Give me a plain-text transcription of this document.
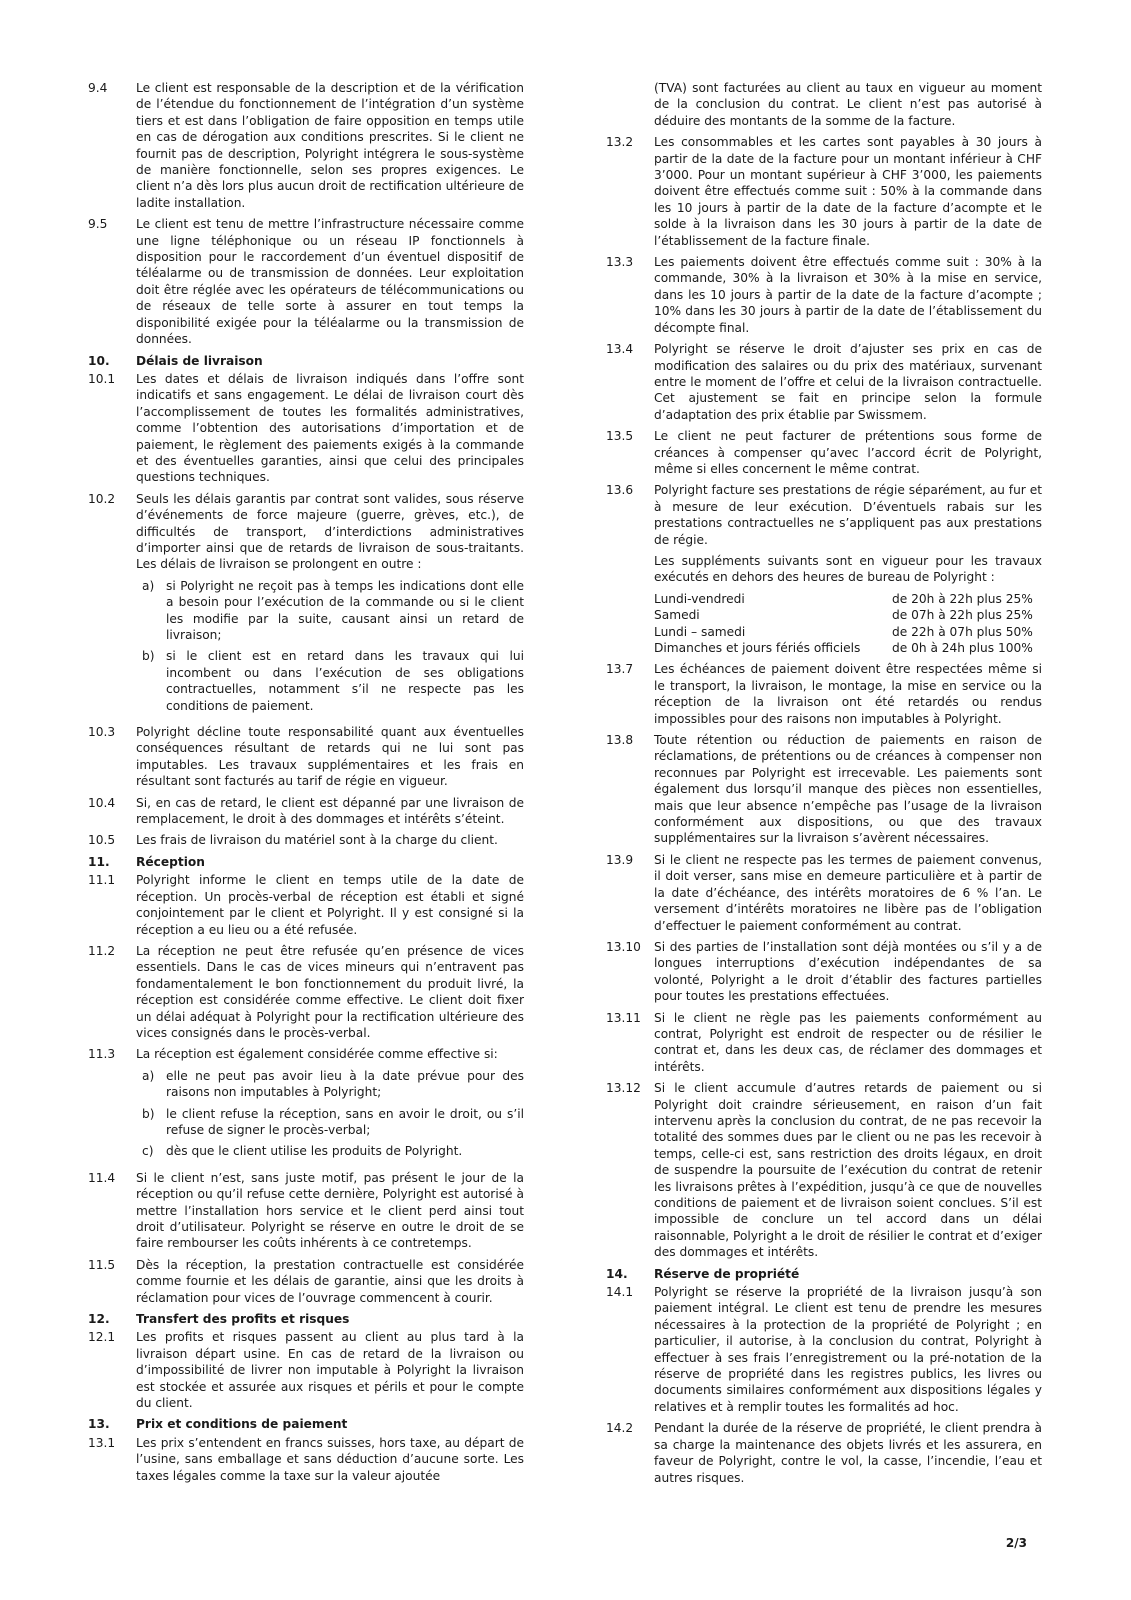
9.4	Le client est responsable de la description et de la vérification de l’étendue du fonctionnement de l’intégration d’un système tiers et est dans l’obligation de faire opposition en temps utile en cas de dérogation aux conditions prescrites. Si le client ne fournit pas de description, Polyright intégrera le sous-système de manière fonctionnelle, selon ses propres exigences. Le client n’a dès lors plus aucun droit de rectification ultérieure de ladite installation.

9.5	Le client est tenu de mettre l’infrastructure nécessaire comme une ligne téléphonique ou un réseau IP fonctionnels à disposition pour le raccordement d’un éventuel dispositif de téléalarme ou de transmission de données. Leur exploitation doit être réglée avec les opérateurs de télécommunications ou de réseaux de telle sorte à assurer en tout temps la disponibilité exigée pour la téléalarme ou la transmission de données.

10.	Délais de livraison
10.1	Les dates et délais de livraison indiqués dans l’offre sont indicatifs et sans engagement. Le délai de livraison court dès l’accomplissement de toutes les formalités administratives, comme l’obtention des autorisations d’importation et de paiement, le règlement des paiements exigés à la commande et des éventuelles garanties, ainsi que celui des principales questions techniques.

10.2	Seuls les délais garantis par contrat sont valides, sous réserve d’événements de force majeure (guerre, grèves, etc.), de difficultés de transport, d’interdictions administratives d’importer ainsi que de retards de livraison de sous-traitants. Les délais de livraison se prolongent en outre :

a) si Polyright ne reçoit pas à temps les indications dont elle a besoin pour l’exécution de la commande ou si le client les modifie par la suite, causant ainsi un retard de livraison;
b) si le client est en retard dans les travaux qui lui incombent ou dans l’exécution de ses obligations contractuelles, notamment s’il ne respecte pas les conditions de paiement.
10.3	Polyright décline toute responsabilité quant aux éventuelles conséquences résultant de retards qui ne lui sont pas imputables. Les travaux supplémentaires et les frais en résultant sont facturés au tarif de régie en vigueur.

10.4	Si, en cas de retard, le client est dépanné par une livraison de remplacement, le droit à des dommages et intérêts s’éteint.

10.5	Les frais de livraison du matériel sont à la charge du client.

11.	Réception
11.1	Polyright informe le client en temps utile de la date de réception. Un procès-verbal de réception est établi et signé conjointement par le client et Polyright. Il y est consigné si la réception a eu lieu ou a été refusée.

11.2	La réception ne peut être refusée qu’en présence de vices essentiels. Dans le cas de vices mineurs qui n’entravent pas fondamentalement le bon fonctionnement du produit livré, la réception est considérée comme effective. Le client doit fixer un délai adéquat à Polyright pour la rectification ultérieure des vices consignés dans le procès-verbal.

11.3	La réception est également considérée comme effective si:

a) elle ne peut pas avoir lieu à la date prévue pour des raisons non imputables à Polyright;
b) le client refuse la réception, sans en avoir le droit, ou s’il refuse de signer le procès-verbal;
c)	dès que le client utilise les produits de Polyright.
11.4	Si le client n’est, sans juste motif, pas présent le jour de la réception ou qu’il refuse cette dernière, Polyright est autorisé à mettre l’installation hors service et le client perd ainsi tout droit d’utilisateur. Polyright se réserve en outre le droit de se faire rembourser les coûts inhérents à ce contretemps.

11.5	Dès la réception, la prestation contractuelle est considérée comme fournie et les délais de garantie, ainsi que les droits à réclamation pour vices de l’ouvrage commencent à courir.

12.	Transfert des profits et risques
12.1	Les profits et risques passent au client au plus tard à la livraison départ usine. En cas de retard de la livraison ou d’impossibilité de livrer non imputable à Polyright la livraison est stockée et assurée aux risques et périls et pour le compte du client.

13.	Prix et conditions de paiement
13.1	Les prix s’entendent en francs suisses, hors taxe, au départ de l’usine, sans emballage et sans déduction d’aucune sorte. Les taxes légales comme la taxe sur la valeur ajoutée

(TVA) sont facturées au client au taux en vigueur au moment de la conclusion du contrat. Le client n’est pas autorisé à déduire des montants de la somme de la facture.
13.2	Les consommables et les cartes sont payables à 30 jours à partir de la date de la facture pour un montant inférieur à CHF 3’000. Pour un montant supérieur à CHF 3’000, les paiements doivent être effectués comme suit : 50% à la commande dans les 10 jours à partir de la date de la facture d’acompte et le solde à la livraison dans les 30 jours à partir de la date de l’établissement de la facture finale.

13.3	Les paiements doivent être effectués comme suit : 30% à la commande, 30% à la livraison et 30% à la mise en service, dans les 10 jours à partir de la date de la facture d’acompte ; 10% dans les 30 jours à partir de la date de l’établissement du décompte final.

13.4	Polyright se réserve le droit d’ajuster ses prix en cas de modification des salaires ou du prix des matériaux, survenant entre le moment de l’offre et celui de la livraison contractuelle. Cet ajustement se fait en principe selon la formule d’adaptation des prix établie par Swissmem.

13.5	Le client ne peut facturer de prétentions sous forme de créances à compenser qu’avec l’accord écrit de Polyright, même si elles concernent le même contrat.

13.6	Polyright facture ses prestations de régie séparément, au fur et à mesure de leur exécution. D’éventuels rabais sur les prestations contractuelles ne s’appliquent pas aux prestations de régie.

Les suppléments suivants sont en vigueur pour les travaux exécutés en dehors des heures de bureau de Polyright :

Lundi-vendredi	de 20h à 22h plus 25%
Samedi	de 07h à 22h plus 25%
Lundi – samedi	de 22h à 07h plus 50%
Dimanches et jours fériés officiels	de 0h à 24h plus 100%
13.7	Les échéances de paiement doivent être respectées même si le transport, la livraison, le montage, la mise en service ou la réception de la livraison ont été retardés ou rendus impossibles pour des raisons non imputables à Polyright.

13.8	Toute rétention ou réduction de paiements en raison de réclamations, de prétentions ou de créances à compenser non reconnues par Polyright est irrecevable. Les paiements sont également dus lorsqu’il manque des pièces non essentielles, mais que leur absence n’empêche pas l’usage de la livraison conformément aux dispositions, ou que des travaux supplémentaires sur la livraison s’avèrent nécessaires.

13.9	Si le client ne respecte pas les termes de paiement convenus, il doit verser, sans mise en demeure particulière et à partir de la date d’échéance, des intérêts moratoires de 6 % l’an. Le versement d’intérêts moratoires ne libère pas de l’obligation d’effectuer le paiement conformément au contrat.

13.10	Si des parties de l’installation sont déjà montées ou s’il y a de longues interruptions d’exécution indépendantes de sa volonté, Polyright a le droit d’établir des factures partielles pour toutes les prestations effectuées.

13.11	Si le client ne règle pas les paiements conformément au contrat, Polyright est endroit de respecter ou de résilier le contrat et, dans les deux cas, de réclamer des dommages et intérêts.

13.12	Si le client accumule d’autres retards de paiement ou si Polyright doit craindre sérieusement, en raison d’un fait intervenu après la conclusion du contrat, de ne pas recevoir la totalité des sommes dues par le client ou ne pas les recevoir à temps, celle-ci est, sans restriction des droits légaux, en droit de suspendre la poursuite de l’exécution du contrat de retenir les livraisons prêtes à l’expédition, jusqu’à ce que de nouvelles conditions de paiement et de livraison soient conclues. S’il est impossible de conclure un tel accord dans un délai raisonnable, Polyright a le droit de résilier le contrat et d’exiger des dommages et intérêts.

14.	Réserve de propriété
14.1	Polyright se réserve la propriété de la livraison jusqu’à son paiement intégral. Le client est tenu de prendre les mesures nécessaires à la protection de la propriété de Polyright ; en particulier, il autorise, à la conclusion du contrat, Polyright à effectuer à ses frais l’enregistrement ou la pré-notation de la réserve de propriété dans les registres publics, les livres ou documents similaires conformément aux dispositions légales y relatives et à remplir toutes les formalités ad hoc.

14.2	Pendant la durée de la réserve de propriété, le client prendra à sa charge la maintenance des objets livrés et les assurera, en faveur de Polyright, contre le vol, la casse, l’incendie, l’eau et autres risques.

2/3
